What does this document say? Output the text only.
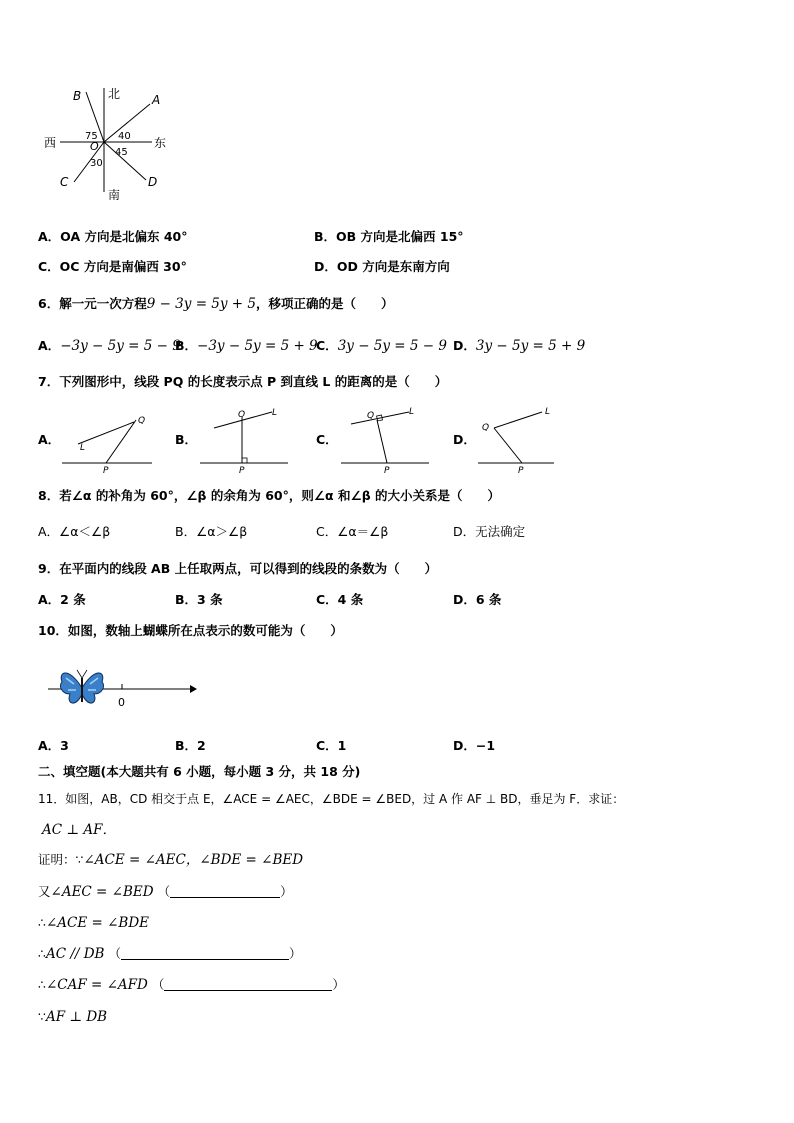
北
南
西	东
A
B
C	D
O
75 40
45
30
A．OA 方向是北偏东 40°	B．OB 方向是北偏西 15°
C．OC 方向是南偏西 30°	D．OD 方向是东南方向
6．解一元一次方程9 − 3y = 5y + 5，移项正确的是（　　）
A．−3y − 5y = 5 − 9
B．−3y − 5y = 5 + 9
C．3y − 5y = 5 − 9 D．3y − 5y = 5 + 9
7．下列图形中，线段 PQ 的长度表示点 P 到直线 L 的距离的是（　　）
A．
Q
L
P
B．
Q	L
P
C．
Q	L
P
D．
Q
L
P
8．若∠α 的补角为 60°，∠β 的余角为 60°，则∠α 和∠β 的大小关系是（　　）
A．∠α＜∠β	B．∠α＞∠β	C．∠α＝∠β	D．无法确定
9．在平面内的线段 AB 上任取两点，可以得到的线段的条数为（　　）
A．2 条	B．3 条	C．4 条	D．6 条
10．如图，数轴上蝴蝶所在点表示的数可能为（　　）
0
A．3	B．2	C．1	D．−1
二、填空题(本大题共有 6 小题，每小题 3 分，共 18 分)
11．如图，AB，CD 相交于点 E，∠ACE = ∠AEC，∠BDE = ∠BED，过 A 作 AF ⊥ BD，垂足为 F．求证：
AC ⊥ AF．
证明：∵∠ACE = ∠AEC，∠BDE = ∠BED
又∠AEC = ∠BED （	）
∴∠ACE = ∠BDE
∴AC // DB （	）
∴∠CAF = ∠AFD （	）
∵AF ⊥ DB
